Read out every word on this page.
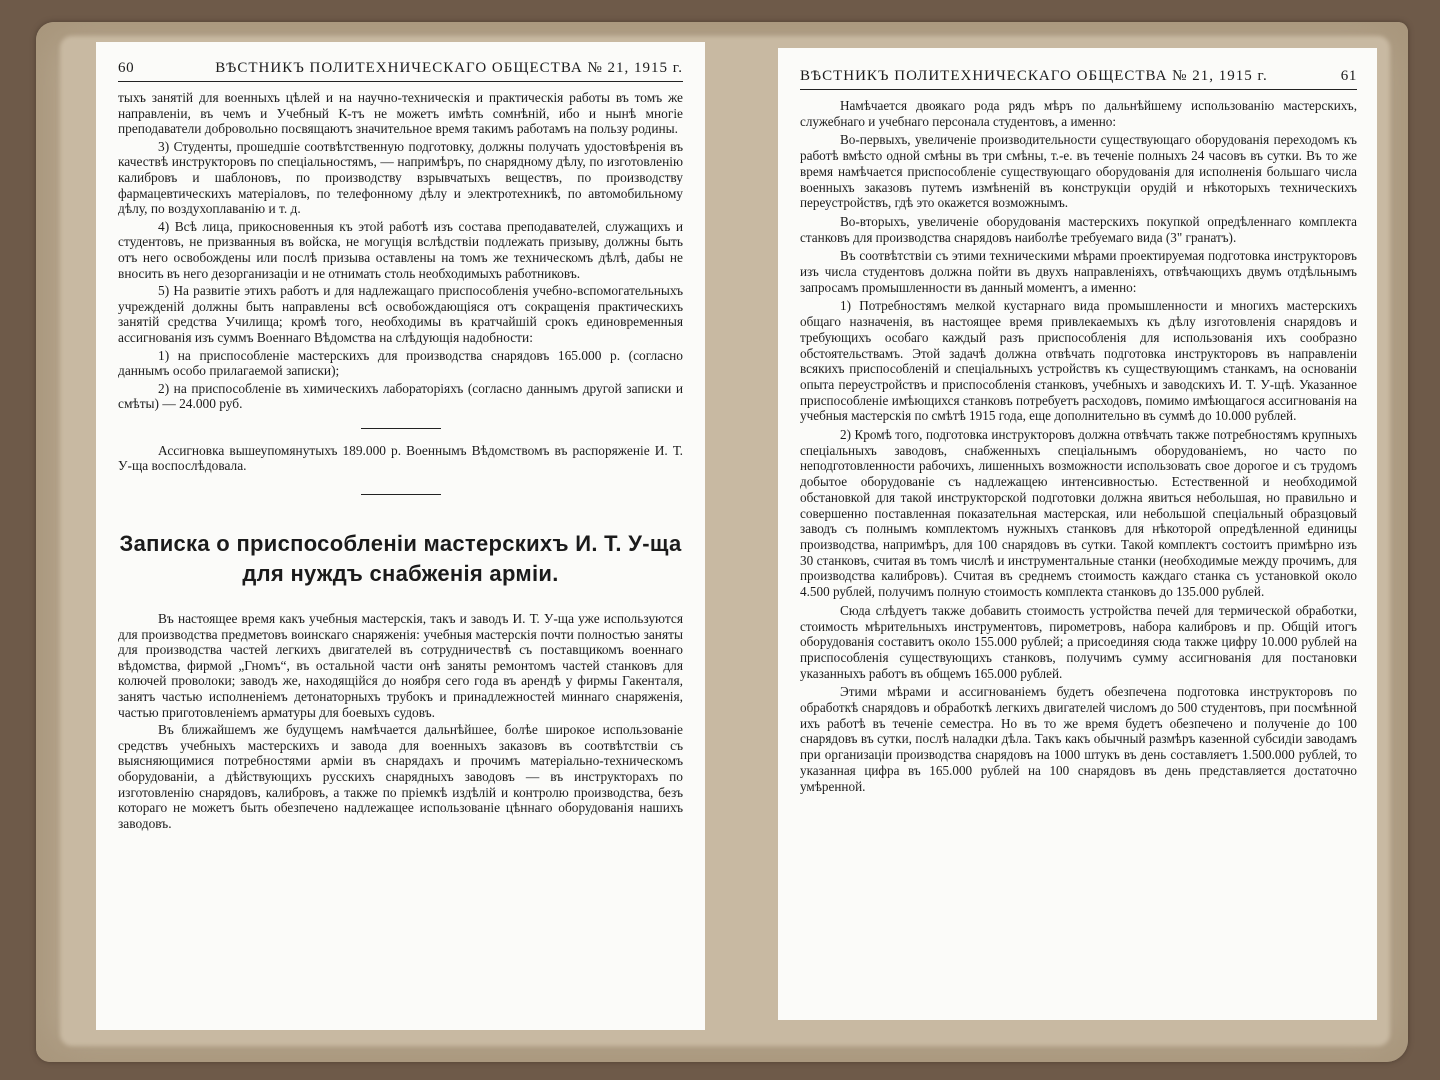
60	ВѢСТНИКЪ ПОЛИТЕХНИЧЕСКАГО ОБЩЕСТВА № 21, 1915 г.

тыхъ занятій для военныхъ цѣлей и на научно-техническія и практическія работы въ томъ же направленіи, въ чемъ и Учебный К-тъ не можетъ имѣть сомнѣній, ибо и нынѣ многіе преподаватели добровольно посвящаютъ значительное время такимъ работамъ на пользу родины.

3) Студенты, прошедшіе соотвѣтственную подготовку, должны получать удостовѣренія въ качествѣ инструкторовъ по спеціальностямъ, — напримѣръ, по снарядному дѣлу, по изготовленію калибровъ и шаблоновъ, по производству взрывчатыхъ веществъ, по производству фармацевтическихъ матеріаловъ, по телефонному дѣлу и электротехникѣ, по автомобильному дѣлу, по воздухоплаванію и т. д.

4) Всѣ лица, прикосновенныя къ этой работѣ изъ состава преподавателей, служащихъ и студентовъ, не призванныя въ войска, не могущія вслѣдствіи подлежать призыву, должны быть отъ него освобождены или послѣ призыва оставлены на томъ же техническомъ дѣлѣ, дабы не вносить въ него дезорганизаціи и не отнимать столь необходимыхъ работниковъ.

5) На развитіе этихъ работъ и для надлежащаго приспособленія учебно-вспомогательныхъ учрежденій должны быть направлены всѣ освобождающіяся отъ сокращенія практическихъ занятій средства Училища; кромѣ того, необходимы въ кратчайшій срокъ единовременныя ассигнованія изъ суммъ Военнаго Вѣдомства на слѣдующія надобности:

1) на приспособленіе мастерскихъ для производства снарядовъ 165.000 р. (согласно даннымъ особо прилагаемой записки);

2) на приспособленіе въ химическихъ лабораторіяхъ (согласно даннымъ другой записки и смѣты) — 24.000 руб.

Ассигновка вышеупомянутыхъ 189.000 р. Военнымъ Вѣдомствомъ въ распоряженіе И. Т. У-ща воспослѣдовала.

Записка о приспособленіи мастерскихъ И. Т. У-ща
для нуждъ снабженія арміи.

Въ настоящее время какъ учебныя мастерскія, такъ и заводъ И. Т. У-ща уже используются для производства предметовъ воинскаго снаряженія: учебныя мастерскія почти полностью заняты для производства частей легкихъ двигателей въ сотрудничествѣ съ поставщикомъ военнаго вѣдомства, фирмой „Гномъ“, въ остальной части онѣ заняты ремонтомъ частей станковъ для колючей проволоки; заводъ же, находящійся до ноября сего года въ арендѣ у фирмы Гакенталя, занятъ частью исполненіемъ детонаторныхъ трубокъ и принадлежностей миннаго снаряженія, частью приготовленіемъ арматуры для боевыхъ судовъ.

Въ ближайшемъ же будущемъ намѣчается дальнѣйшее, болѣе широкое использованіе средствъ учебныхъ мастерскихъ и завода для военныхъ заказовъ въ соотвѣтствіи съ выясняющимися потребностями арміи въ снарядахъ и прочимъ матеріально-техническомъ оборудованіи, а дѣйствующихъ русскихъ снарядныхъ заводовъ — въ инструкторахъ по изготовленію снарядовъ, калибровъ, а также по пріемкѣ издѣлій и контролю производства, безъ котораго не можетъ быть обезпечено надлежащее использованіе цѣннаго оборудованія нашихъ заводовъ.

ВѢСТНИКЪ ПОЛИТЕХНИЧЕСКАГО ОБЩЕСТВА № 21, 1915 г.	61

Намѣчается двоякаго рода рядъ мѣръ по дальнѣйшему использованію мастерскихъ, служебнаго и учебнаго персонала студентовъ, а именно:

Во-первыхъ, увеличеніе производительности существующаго оборудованія переходомъ къ работѣ вмѣсто одной смѣны въ три смѣны, т.-е. въ теченіе полныхъ 24 часовъ въ сутки. Въ то же время намѣчается приспособленіе существующаго оборудованія для исполненія большаго числа военныхъ заказовъ путемъ измѣненій въ конструкціи орудій и нѣкоторыхъ техническихъ переустройствъ, гдѣ это окажется возможнымъ.

Во-вторыхъ, увеличеніе оборудованія мастерскихъ покупкой опредѣленнаго комплекта станковъ для производства снарядовъ наиболѣе требуемаго вида (3" гранатъ).

Въ соотвѣтствіи съ этими техническими мѣрами проектируемая подготовка инструкторовъ изъ числа студентовъ должна пойти въ двухъ направленіяхъ, отвѣчающихъ двумъ отдѣльнымъ запросамъ промышленности въ данный моментъ, а именно:

1) Потребностямъ мелкой кустарнаго вида промышленности и многихъ мастерскихъ общаго назначенія, въ настоящее время привлекаемыхъ къ дѣлу изготовленія снарядовъ и требующихъ особаго каждый разъ приспособленія для использованія ихъ сообразно обстоятельствамъ. Этой задачѣ должна отвѣчать подготовка инструкторовъ въ направленіи всякихъ приспособленій и спеціальныхъ устройствъ къ существующимъ станкамъ, на основаніи опыта переустройствъ и приспособленія станковъ, учебныхъ и заводскихъ И. Т. У-щѣ. Указанное приспособленіе имѣющихся станковъ потребуетъ расходовъ, помимо имѣющагося ассигнованія на учебныя мастерскія по смѣтѣ 1915 года, еще дополнительно въ суммѣ до 10.000 рублей.

2) Кромѣ того, подготовка инструкторовъ должна отвѣчать также потребностямъ крупныхъ спеціальныхъ заводовъ, снабженныхъ спеціальнымъ оборудованіемъ, но часто по неподготовленности рабочихъ, лишенныхъ возможности использовать свое дорогое и съ трудомъ добытое оборудованіе съ надлежащею интенсивностью. Естественной и необходимой обстановкой для такой инструкторской подготовки должна явиться небольшая, но правильно и совершенно поставленная показательная мастерская, или небольшой спеціальный образцовый заводъ съ полнымъ комплектомъ нужныхъ станковъ для нѣкоторой опредѣленной единицы производства, напримѣръ, для 100 снарядовъ въ сутки. Такой комплектъ состоитъ примѣрно изъ 30 станковъ, считая въ томъ числѣ и инструментальные станки (необходимые между прочимъ, для производства калибровъ). Считая въ среднемъ стоимость каждаго станка съ установкой около 4.500 рублей, получимъ полную стоимость комплекта станковъ до 135.000 рублей.

Сюда слѣдуетъ также добавить стоимость устройства печей для термической обработки, стоимость мѣрительныхъ инструментовъ, пирометровъ, набора калибровъ и пр. Общій итогъ оборудованія составитъ около 155.000 рублей; а присоединяя сюда также цифру 10.000 рублей на приспособленія существующихъ станковъ, получимъ сумму ассигнованія для постановки указанныхъ работъ въ общемъ 165.000 рублей.

Этими мѣрами и ассигнованіемъ будетъ обезпечена подготовка инструкторовъ по обработкѣ снарядовъ и обработкѣ легкихъ двигателей числомъ до 500 студентовъ, при посмѣнной ихъ работѣ въ теченіе семестра. Но въ то же время будетъ обезпечено и полученіе до 100 снарядовъ въ сутки, послѣ наладки дѣла. Такъ какъ обычный размѣръ казенной субсидіи заводамъ при организаціи производства снарядовъ на 1000 штукъ въ день составляетъ 1.500.000 рублей, то указанная цифра въ 165.000 рублей на 100 снарядовъ въ день представляется достаточно умѣренной.
